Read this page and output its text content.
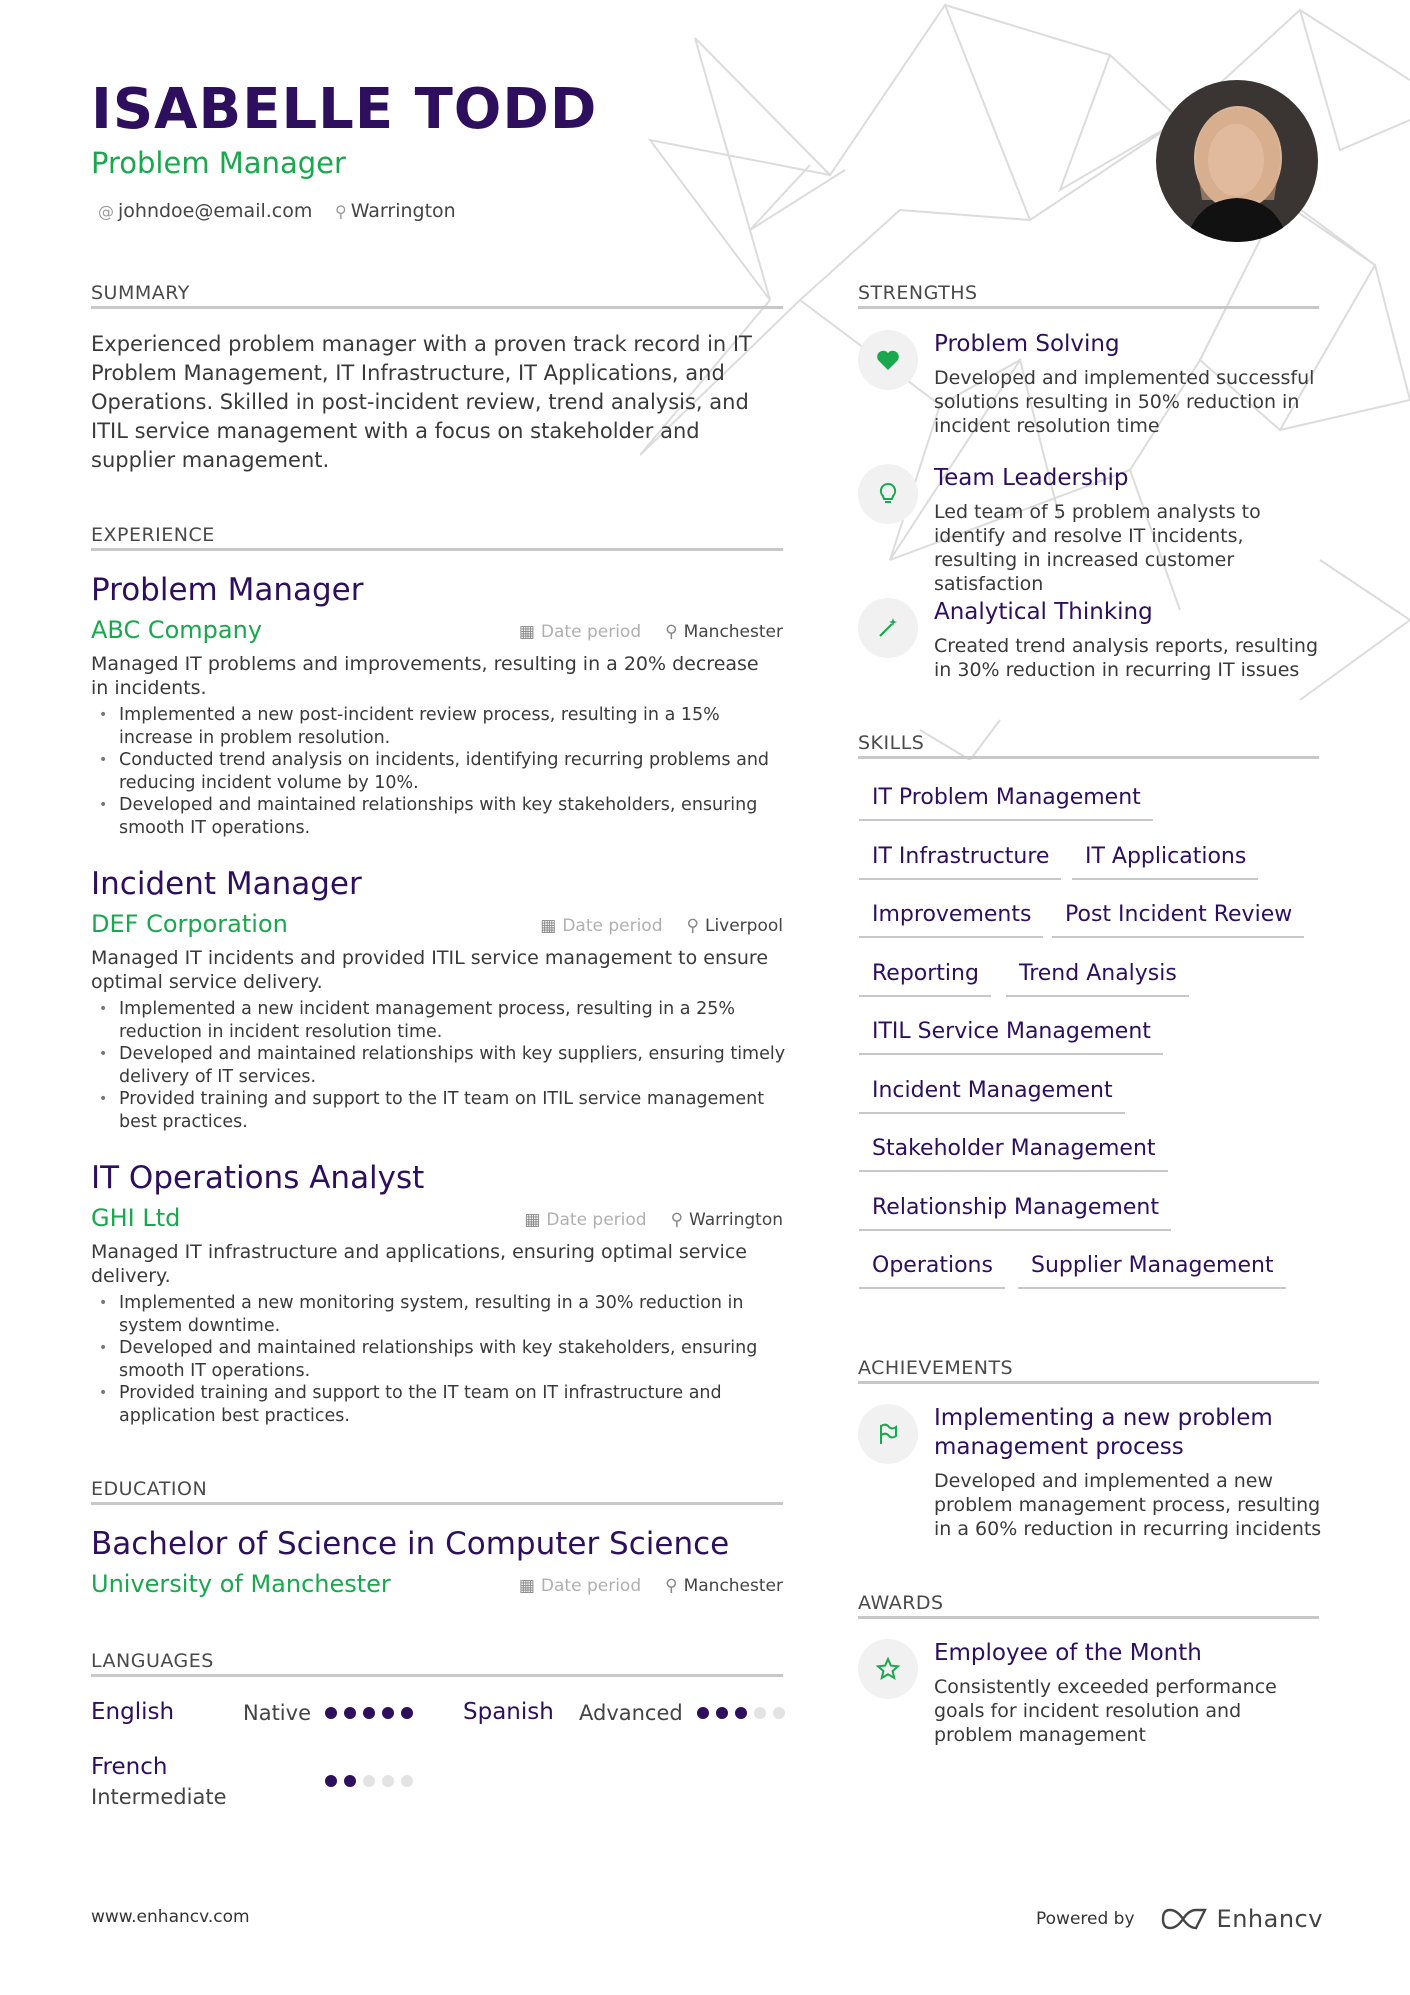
ISABELLE TODD
Problem Manager
@ johndoe@email.com ⚲ Warrington
SUMMARY
Experienced problem manager with a proven track record in IT Problem Management, IT Infrastructure, IT Applications, and Operations. Skilled in post-incident review, trend analysis, and ITIL service management with a focus on stakeholder and supplier management.
EXPERIENCE
Problem Manager
ABC Company	▦ Date period ⚲ Manchester
Managed IT problems and improvements, resulting in a 20% decrease in incidents.
• Implemented a new post-incident review process, resulting in a 15% increase in problem resolution.
• Conducted trend analysis on incidents, identifying recurring problems and reducing incident volume by 10%.
• Developed and maintained relationships with key stakeholders, ensuring smooth IT operations.
Incident Manager
DEF Corporation	▦ Date period ⚲ Liverpool
Managed IT incidents and provided ITIL service management to ensure optimal service delivery.
• Implemented a new incident management process, resulting in a 25% reduction in incident resolution time.
• Developed and maintained relationships with key suppliers, ensuring timely delivery of IT services.
• Provided training and support to the IT team on ITIL service management best practices.
IT Operations Analyst
GHI Ltd	▦ Date period ⚲ Warrington
Managed IT infrastructure and applications, ensuring optimal service delivery.
• Implemented a new monitoring system, resulting in a 30% reduction in system downtime.
• Developed and maintained relationships with key stakeholders, ensuring smooth IT operations.
• Provided training and support to the IT team on IT infrastructure and application best practices.
EDUCATION
Bachelor of Science in Computer Science
University of Manchester	▦ Date period ⚲ Manchester
LANGUAGES
English	Native	Spanish Advanced
French
Intermediate
STRENGTHS
Problem Solving
Developed and implemented successful solutions resulting in 50% reduction in incident resolution time
Team Leadership
Led team of 5 problem analysts to identify and resolve IT incidents, resulting in increased customer satisfaction
Analytical Thinking
Created trend analysis reports, resulting in 30% reduction in recurring IT issues
SKILLS
IT Problem Management
IT Infrastructure	IT Applications
Improvements	Post Incident Review
Reporting	Trend Analysis
ITIL Service Management
Incident Management
Stakeholder Management
Relationship Management
Operations	Supplier Management
ACHIEVEMENTS
Implementing a new problem management process
Developed and implemented a new problem management process, resulting in a 60% reduction in recurring incidents
AWARDS
Employee of the Month
Consistently exceeded performance goals for incident resolution and problem management
www.enhancv.com	Powered by	Enhancv
